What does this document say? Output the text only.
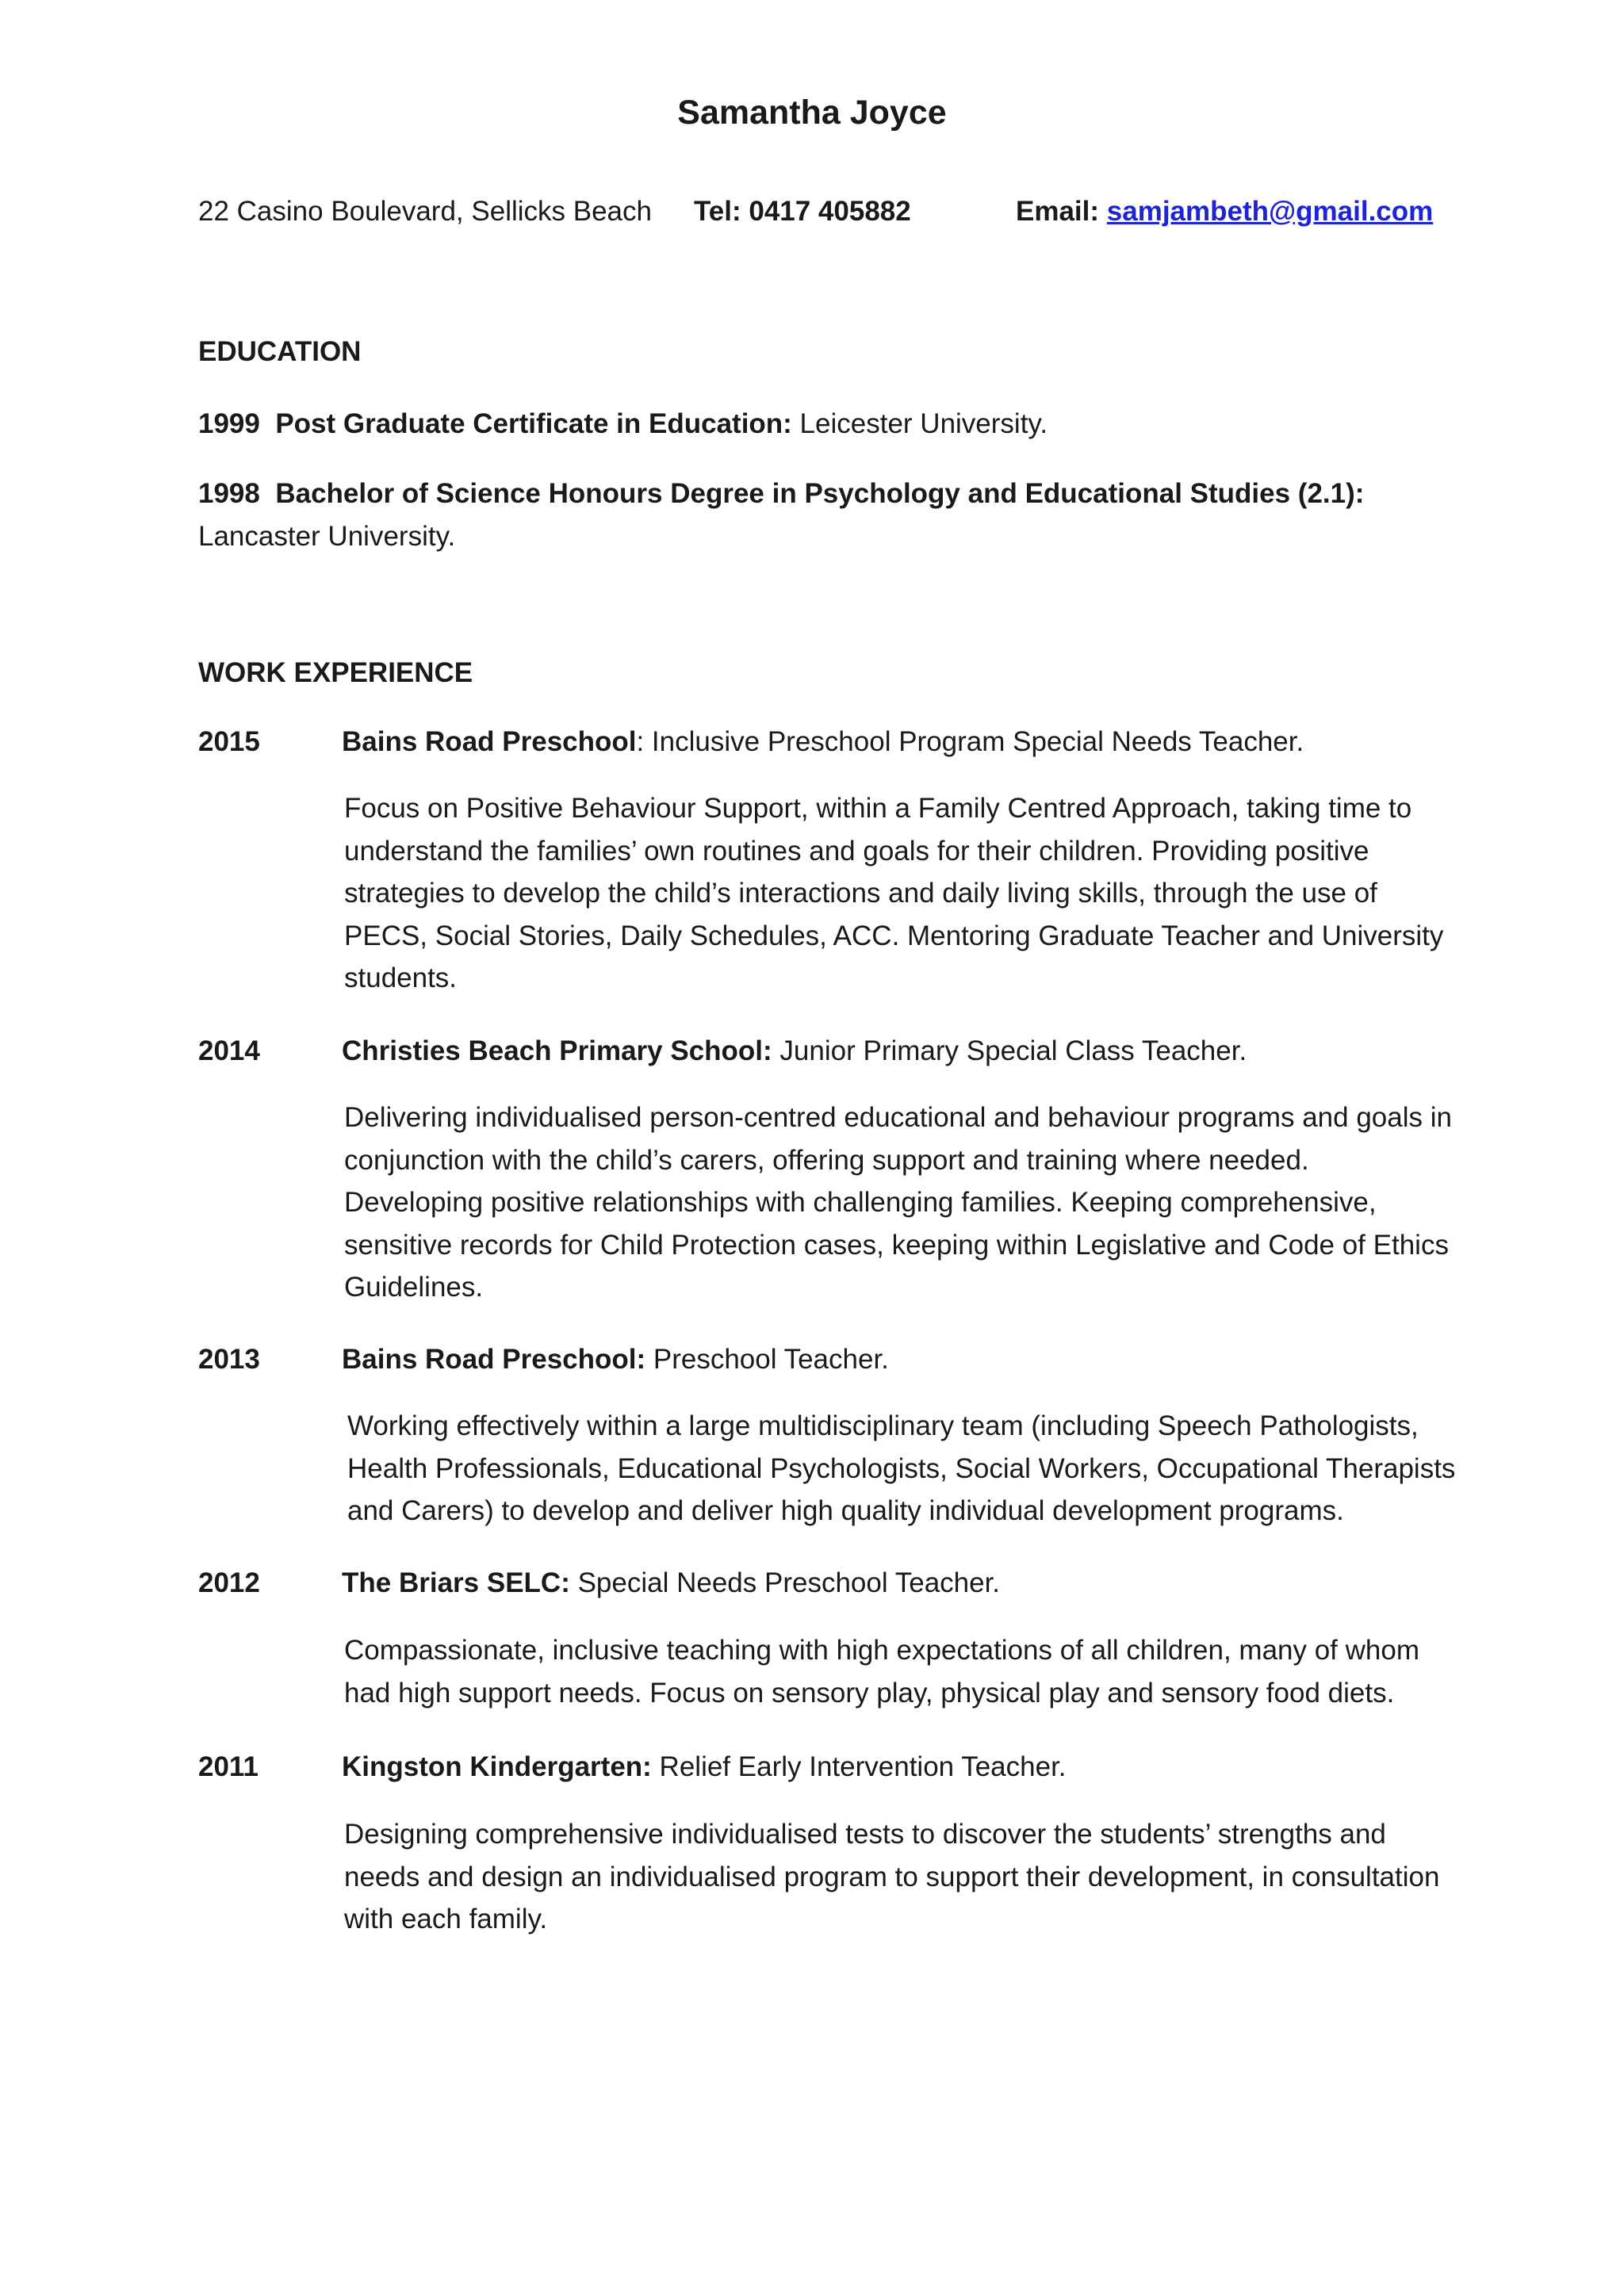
Samantha Joyce
22 Casino Boulevard, Sellicks Beach Tel: 0417 405882	Email: samjambeth@gmail.com
EDUCATION
1999 Post Graduate Certificate in Education: Leicester University.
1998 Bachelor of Science Honours Degree in Psychology and Educational Studies (2.1): Lancaster University.
WORK EXPERIENCE
2015	Bains Road Preschool: Inclusive Preschool Program Special Needs Teacher.
Focus on Positive Behaviour Support, within a Family Centred Approach, taking time to understand the families’ own routines and goals for their children. Providing positive strategies to develop the child’s interactions and daily living skills, through the use of PECS, Social Stories, Daily Schedules, ACC. Mentoring Graduate Teacher and University students.
2014	Christies Beach Primary School: Junior Primary Special Class Teacher.
Delivering individualised person-centred educational and behaviour programs and goals in conjunction with the child’s carers, offering support and training where needed. Developing positive relationships with challenging families. Keeping comprehensive, sensitive records for Child Protection cases, keeping within Legislative and Code of Ethics Guidelines.
2013	Bains Road Preschool: Preschool Teacher.
Working effectively within a large multidisciplinary team (including Speech Pathologists, Health Professionals, Educational Psychologists, Social Workers, Occupational Therapists and Carers) to develop and deliver high quality individual development programs.
2012	The Briars SELC: Special Needs Preschool Teacher.
Compassionate, inclusive teaching with high expectations of all children, many of whom had high support needs. Focus on sensory play, physical play and sensory food diets.
2011	Kingston Kindergarten: Relief Early Intervention Teacher.
Designing comprehensive individualised tests to discover the students’ strengths and needs and design an individualised program to support their development, in consultation with each family.
